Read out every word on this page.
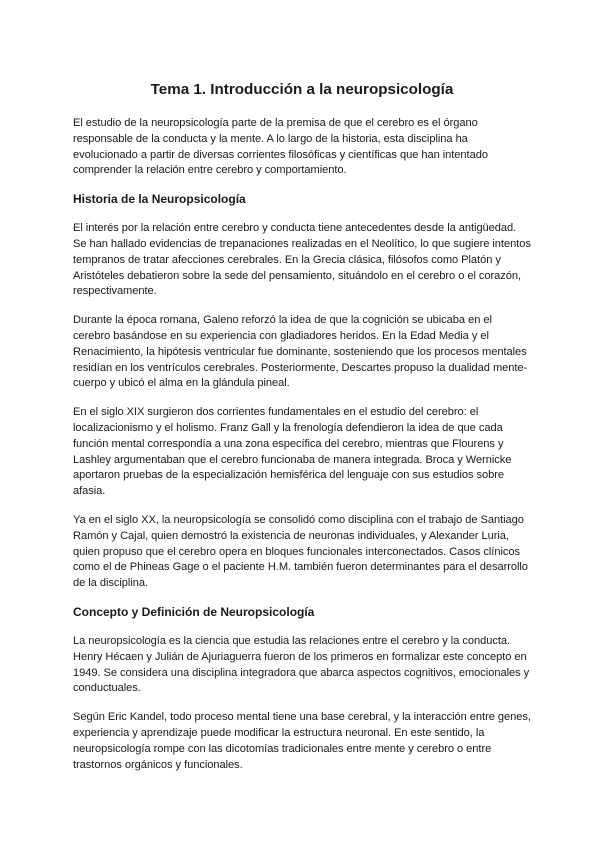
Tema 1. Introducción a la neuropsicología

El estudio de la neuropsicología parte de la premisa de que el cerebro es el órgano responsable de la conducta y la mente. A lo largo de la historia, esta disciplina ha evolucionado a partir de diversas corrientes filosóficas y científicas que han intentado comprender la relación entre cerebro y comportamiento.

Historia de la Neuropsicología

El interés por la relación entre cerebro y conducta tiene antecedentes desde la antigüedad. Se han hallado evidencias de trepanaciones realizadas en el Neolítico, lo que sugiere intentos tempranos de tratar afecciones cerebrales. En la Grecia clásica, filósofos como Platón y Aristóteles debatieron sobre la sede del pensamiento, situándolo en el cerebro o el corazón, respectivamente.

Durante la época romana, Galeno reforzó la idea de que la cognición se ubicaba en el cerebro basándose en su experiencia con gladiadores heridos. En la Edad Media y el Renacimiento, la hipótesis ventricular fue dominante, sosteniendo que los procesos mentales residían en los ventrículos cerebrales. Posteriormente, Descartes propuso la dualidad mente-cuerpo y ubicó el alma en la glándula pineal.

En el siglo XIX surgieron dos corrientes fundamentales en el estudio del cerebro: el localizacionismo y el holismo. Franz Gall y la frenología defendieron la idea de que cada función mental correspondía a una zona específica del cerebro, mientras que Flourens y Lashley argumentaban que el cerebro funcionaba de manera integrada. Broca y Wernicke aportaron pruebas de la especialización hemisférica del lenguaje con sus estudios sobre afasia.

Ya en el siglo XX, la neuropsicología se consolidó como disciplina con el trabajo de Santiago Ramón y Cajal, quien demostró la existencia de neuronas individuales, y Alexander Luria, quien propuso que el cerebro opera en bloques funcionales interconectados. Casos clínicos como el de Phineas Gage o el paciente H.M. también fueron determinantes para el desarrollo de la disciplina.

Concepto y Definición de Neuropsicología

La neuropsicología es la ciencia que estudia las relaciones entre el cerebro y la conducta. Henry Hécaen y Julián de Ajuriaguerra fueron de los primeros en formalizar este concepto en 1949. Se considera una disciplina integradora que abarca aspectos cognitivos, emocionales y conductuales.

Según Eric Kandel, todo proceso mental tiene una base cerebral, y la interacción entre genes, experiencia y aprendizaje puede modificar la estructura neuronal. En este sentido, la neuropsicología rompe con las dicotomías tradicionales entre mente y cerebro o entre trastornos orgánicos y funcionales.
